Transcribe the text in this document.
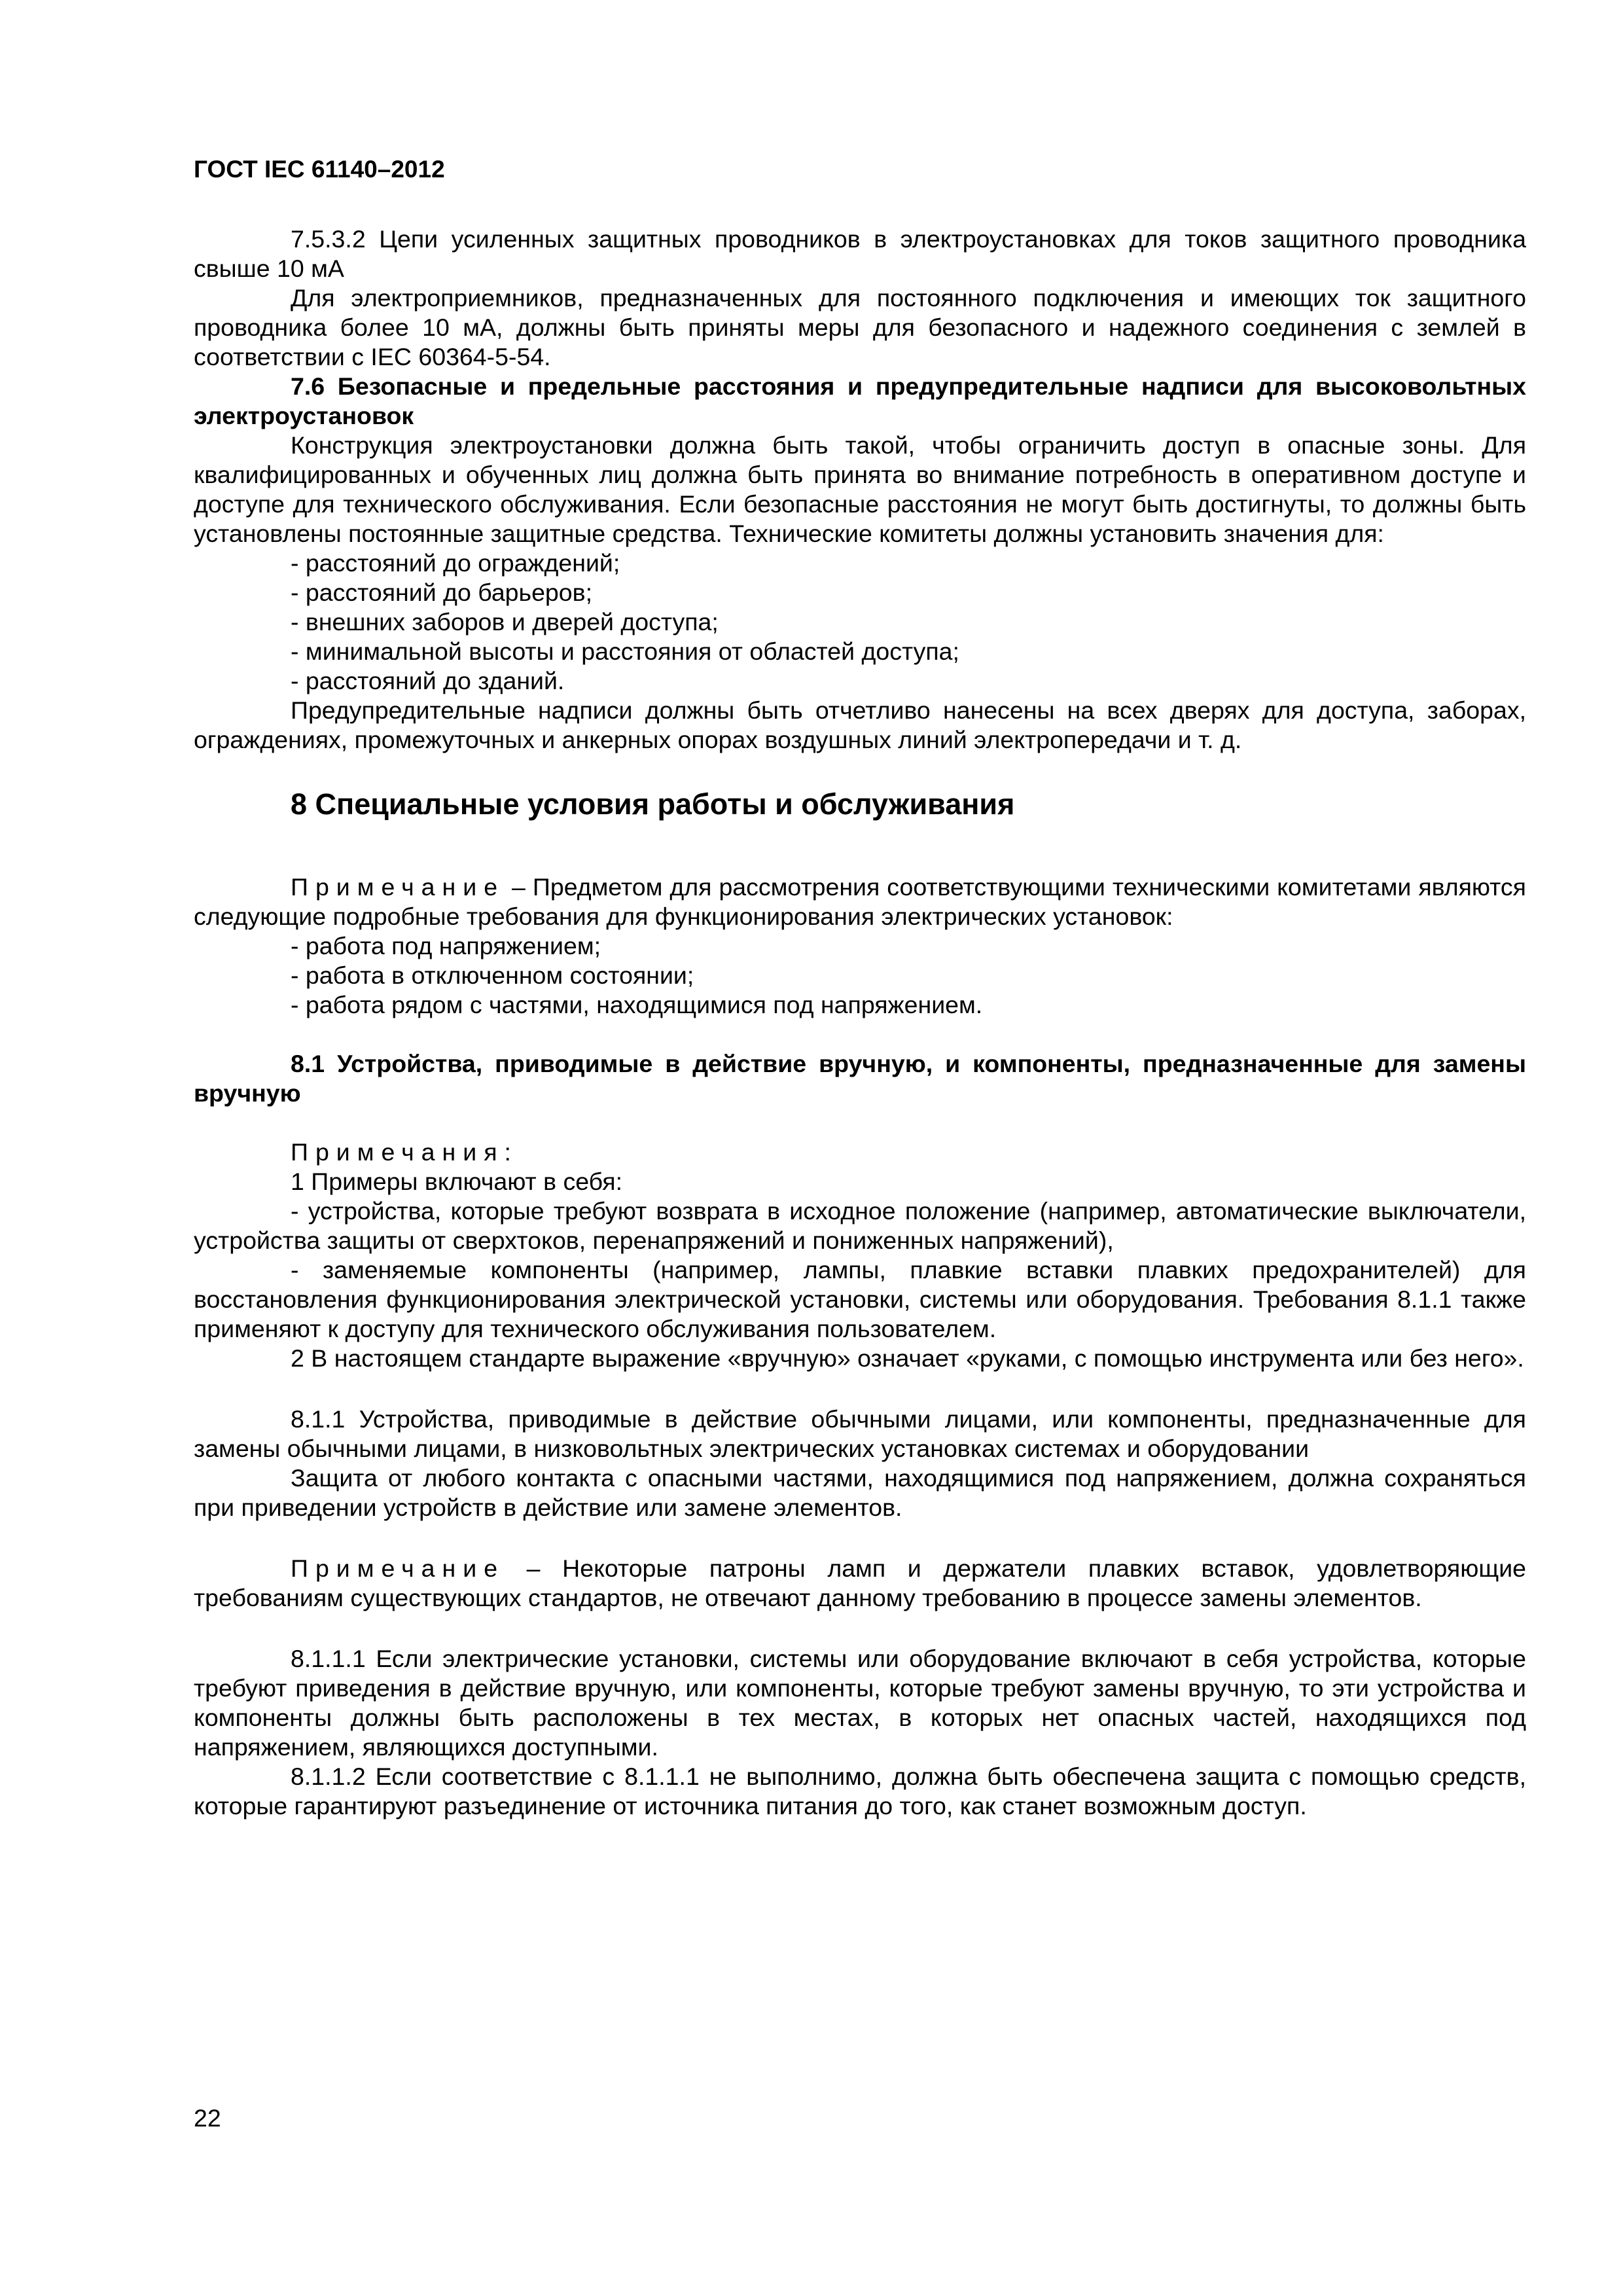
ГОСТ IEC 61140–2012

7.5.3.2 Цепи усиленных защитных проводников в электроустановках для токов защитного проводника свыше 10 мА

Для электроприемников, предназначенных для постоянного подключения и имеющих ток защитного проводника более 10 мА, должны быть приняты меры для безопасного и надежного соединения с землей в соответствии с IEC 60364-5-54.

7.6 Безопасные и предельные расстояния и предупредительные надписи для высоковольтных электроустановок

Конструкция электроустановки должна быть такой, чтобы ограничить доступ в опасные зоны. Для квалифицированных и обученных лиц должна быть принята во внимание потребность в оперативном доступе и доступе для технического обслуживания. Если безопасные расстояния не могут быть достигнуты, то должны быть установлены постоянные защитные средства. Технические комитеты должны установить значения для:

- расстояний до ограждений;

- расстояний до барьеров;

- внешних заборов и дверей доступа;

- минимальной высоты и расстояния от областей доступа;

- расстояний до зданий.

Предупредительные надписи должны быть отчетливо нанесены на всех дверях для доступа, заборах, ограждениях, промежуточных и анкерных опорах воздушных линий электропередачи и т. д.

8 Специальные условия работы и обслуживания

Примечание – Предметом для рассмотрения соответствующими техническими комитетами являются следующие подробные требования для функционирования электрических установок:

- работа под напряжением;

- работа в отключенном состоянии;

- работа рядом с частями, находящимися под напряжением.

8.1 Устройства, приводимые в действие вручную, и компоненты, предназначенные для замены вручную

Примечания:

1 Примеры включают в себя:

- устройства, которые требуют возврата в исходное положение (например, автоматические выключатели, устройства защиты от сверхтоков, перенапряжений и пониженных напряжений),

- заменяемые компоненты (например, лампы, плавкие вставки плавких предохранителей) для восстановления функционирования электрической установки, системы или оборудования. Требования 8.1.1 также применяют к доступу для технического обслуживания пользователем.

2 В настоящем стандарте выражение «вручную» означает «руками, с помощью инструмента или без него».

8.1.1 Устройства, приводимые в действие обычными лицами, или компоненты, предназначенные для замены обычными лицами, в низковольтных электрических установках системах и оборудовании

Защита от любого контакта с опасными частями, находящимися под напряжением, должна сохраняться при приведении устройств в действие или замене элементов.

Примечание – Некоторые патроны ламп и держатели плавких вставок, удовлетворяющие требованиям существующих стандартов, не отвечают данному требованию в процессе замены элементов.

8.1.1.1 Если электрические установки, системы или оборудование включают в себя устройства, которые требуют приведения в действие вручную, или компоненты, которые требуют замены вручную, то эти устройства и компоненты должны быть расположены в тех местах, в которых нет опасных частей, находящихся под напряжением, являющихся доступными.

8.1.1.2 Если соответствие с 8.1.1.1 не выполнимо, должна быть обеспечена защита с помощью средств, которые гарантируют разъединение от источника питания до того, как станет возможным доступ.

22
